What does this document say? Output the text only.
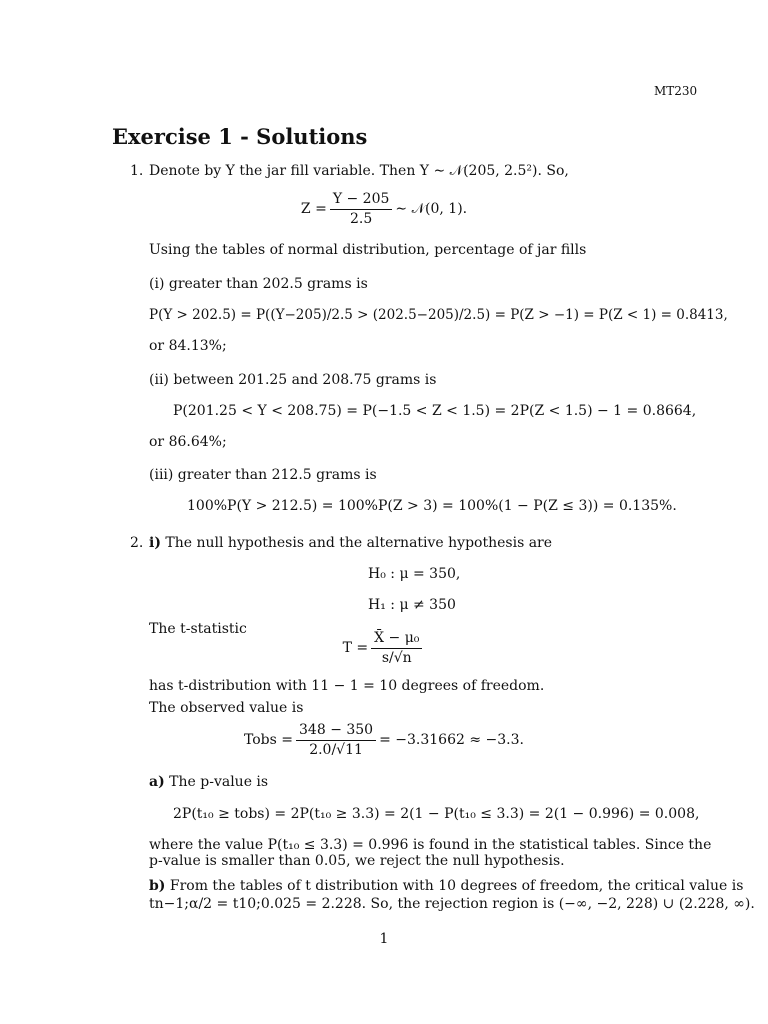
MT230
Exercise 1 - Solutions
1. Denote by Y the jar fill variable. Then Y ∼ 𝒩(205, 2.5²). So,
$Z = \frac{Y - 205}{2.5}$ ∼ 𝒩(0, 1).
Using the tables of normal distribution, percentage of jar fills
(i) greater than 202.5 grams is
P(Y > 202.5) = P((Y−205)/2.5 > (202.5−205)/2.5) = P(Z > −1) = P(Z < 1) = 0.8413,
or 84.13%;
(ii) between 201.25 and 208.75 grams is
P(201.25 < Y < 208.75) = P(−1.5 < Z < 1.5) = 2P(Z < 1.5) − 1 = 0.8664,
or 86.64%;
(iii) greater than 212.5 grams is
100%P(Y > 212.5) = 100%P(Z > 3) = 100%(1 − P(Z ≤ 3)) = 0.135%.
2. i) The null hypothesis and the alternative hypothesis are
H₀ : μ = 350,
H₁ : μ ≠ 350
The t-statistic
$T = \frac{\text{X̄ − μ₀}}{s/√n}$
has t-distribution with 11 − 1 = 10 degrees of freedom.
The observed value is
Tobs = $\frac{348 - 350}{2.0/√11} = -3.31662 \approx -3.3$.
a) The p-value is
2P(t₁₀ ≥ tobs) = 2P(t₁₀ ≥ 3.3) = 2(1 − P(t₁₀ ≤ 3.3) = 2(1 − 0.996) = 0.008,
where the value P(t₁₀ ≤ 3.3) = 0.996 is found in the statistical tables. Since the
p-value is smaller than 0.05, we reject the null hypothesis.
b) From the tables of t distribution with 10 degrees of freedom, the critical value is
tn−1;α/2 = t10;0.025 = 2.228. So, the rejection region is (−∞, −2, 228) ∪ (2.228, ∞).
1
